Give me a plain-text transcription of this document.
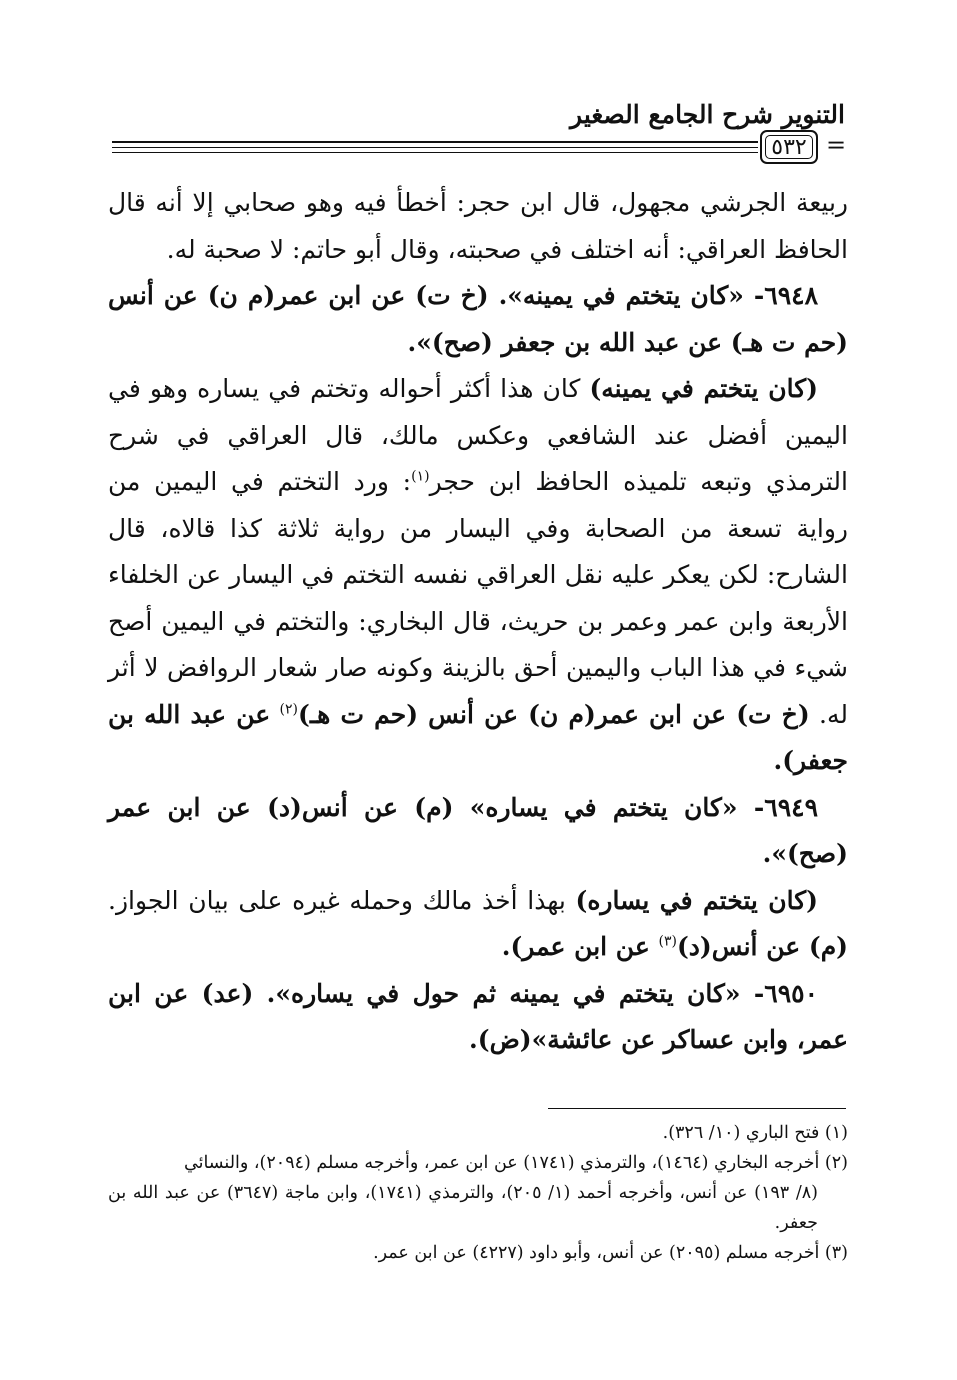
التنوير شرح الجامع الصغير
٥٣٢ =

ربيعة الجرشي مجهول، قال ابن حجر: أخطأ فيه وهو صحابي إلا أنه قال الحافظ العراقي: أنه اختلف في صحبته، وقال أبو حاتم: لا صحبة له.

٦٩٤٨- «كان يتختم في يمينه». (خ ت) عن ابن عمر(م ن) عن أنس (حم ت هـ) عن عبد الله بن جعفر (صح)».

(كان يتختم في يمينه) كان هذا أكثر أحواله وتختم في يساره وهو في اليمين أفضل عند الشافعي وعكس مالك، قال العراقي في شرح الترمذي وتبعه تلميذه الحافظ ابن حجر$^{(١)}$: ورد التختم في اليمين من رواية تسعة من الصحابة وفي اليسار من رواية ثلاثة كذا قالاه، قال الشارح: لكن يعكر عليه نقل العراقي نفسه التختم في اليسار عن الخلفاء الأربعة وابن عمر وعمر بن حريث، قال البخاري: والتختم في اليمين أصح شيء في هذا الباب واليمين أحق بالزينة وكونه صار شعار الروافض لا أثر له. (خ ت) عن ابن عمر(م ن) عن أنس (حم ت هـ)$^{(٢)}$ عن عبد الله بن جعفر).

٦٩٤٩- «كان يتختم في يساره» (م) عن أنس(د) عن ابن عمر (صح)».

(كان يتختم في يساره) بهذا أخذ مالك وحمله غيره على بيان الجواز. (م) عن أنس(د)$^{(٣)}$ عن ابن عمر).

٦٩٥٠- «كان يتختم في يمينه ثم حول في يساره». (عد) عن ابن عمر، وابن عساكر عن عائشة»(ض).

(١) فتح الباري (١٠/ ٣٢٦).

(٢) أخرجه البخاري (١٤٦٤)، والترمذي (١٧٤١) عن ابن عمر، وأخرجه مسلم (٢٠٩٤)، والنسائي

(٨/ ١٩٣) عن أنس، وأخرجه أحمد (١/ ٢٠٥)، والترمذي (١٧٤١)، وابن ماجة (٣٦٤٧) عن عبد الله بن جعفر.

(٣) أخرجه مسلم (٢٠٩٥) عن أنس، وأبو داود (٤٢٢٧) عن ابن عمر.
